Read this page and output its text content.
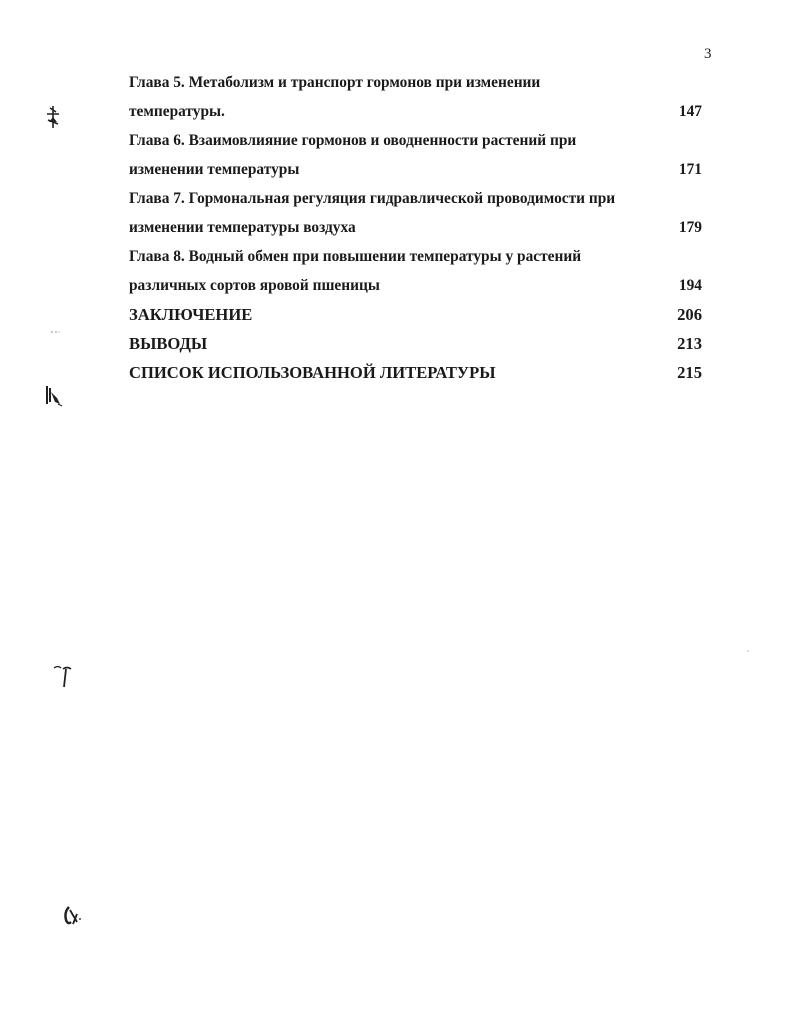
3
Глава 5. Метаболизм и транспорт гормонов при изменении
температуры.	147
Глава 6. Взаимовлияние гормонов и оводненности растений при
изменении температуры	171
Глава 7. Гормональная регуляция гидравлической проводимости при
изменении температуры воздуха	179
Глава 8. Водный обмен при повышении температуры у растений
различных сортов яровой пшеницы	194
ЗАКЛЮЧЕНИЕ	206
ВЫВОДЫ	213
СПИСОК ИСПОЛЬЗОВАННОЙ ЛИТЕРАТУРЫ	215
